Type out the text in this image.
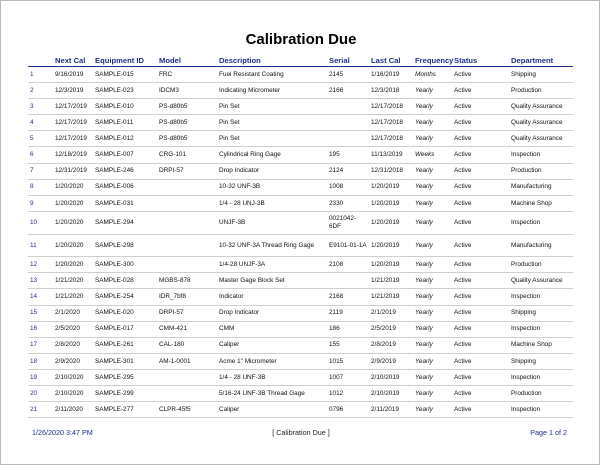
Calibration Due
	Next Cal	Equipment ID	Model	Description	Serial	Last Cal	Frequency	Status	Department
1	9/16/2019	SAMPLE-015	FRC	Fuel Resistant Coating	2145	1/16/2019	Months	Active	Shipping
2	12/3/2019	SAMPLE-023	IDCM3	Indicating Micrometer	2166	12/3/2018	Yearly	Active	Production
3	12/17/2019	SAMPLE-010	PS-d80b5	Pin Set		12/17/2018	Yearly	Active	Quality Assurance
4	12/17/2019	SAMPLE-011	PS-d80b5	Pin Set		12/17/2018	Yearly	Active	Quality Assurance
5	12/17/2019	SAMPLE-012	PS-d80b5	Pin Set		12/17/2018	Yearly	Active	Quality Assurance
6	12/18/2019	SAMPLE-007	CRG-101	Cylindrical Ring Gage	195	11/13/2019	Weeks	Active	Inspection
7	12/31/2019	SAMPLE-246	DRPI-57	Drop Indicator	2124	12/31/2018	Yearly	Active	Production
8	1/20/2020	SAMPLE-006		10-32 UNF-3B	1008	1/20/2019	Yearly	Active	Manufacturing
9	1/20/2020	SAMPLE-031		1/4 - 28 UNJ-3B	2330	1/20/2019	Yearly	Active	Machine Shop
10	1/20/2020	SAMPLE-294		UNJF-3B	0021042-6DF	1/20/2019	Yearly	Active	Inspection
11	1/20/2020	SAMPLE-298		10-32 UNF-3A Thread Ring Gage	E9101-01-1A	1/20/2019	Yearly	Active	Manufacturing
12	1/20/2020	SAMPLE-300		1/4-28 UNJF-3A	2108	1/20/2019	Yearly	Active	Production
13	1/21/2020	SAMPLE-028	MGBS-878	Master Gage Block Set		1/21/2019	Yearly	Active	Quality Assurance
14	1/21/2020	SAMPLE-254	IDR_7bf8	Indicator	2168	1/21/2019	Yearly	Active	Inspection
15	2/1/2020	SAMPLE-020	DRPI-57	Drop Indicator	2119	2/1/2019	Yearly	Active	Shipping
16	2/5/2020	SAMPLE-017	CMM-421	CMM	186	2/5/2019	Yearly	Active	Inspection
17	2/8/2020	SAMPLE-261	CAL-180	Caliper	155	2/8/2019	Yearly	Active	Machine Shop
18	2/9/2020	SAMPLE-301	AM-1-0001	Acme 1" Micrometer	1015	2/9/2019	Yearly	Active	Shipping
19	2/10/2020	SAMPLE-295		1/4 - 28 UNF-3B	1007	2/10/2019	Yearly	Active	Inspection
20	2/10/2020	SAMPLE-299		5/16-24 UNF-3B Thread Gage	1012	2/10/2019	Yearly	Active	Production
21	2/11/2020	SAMPLE-277	CLPR-45f5	Caliper	0796	2/11/2019	Yearly	Active	Inspection
1/26/2020 3:47 PM	[ Calibration Due ]	Page 1 of 2
